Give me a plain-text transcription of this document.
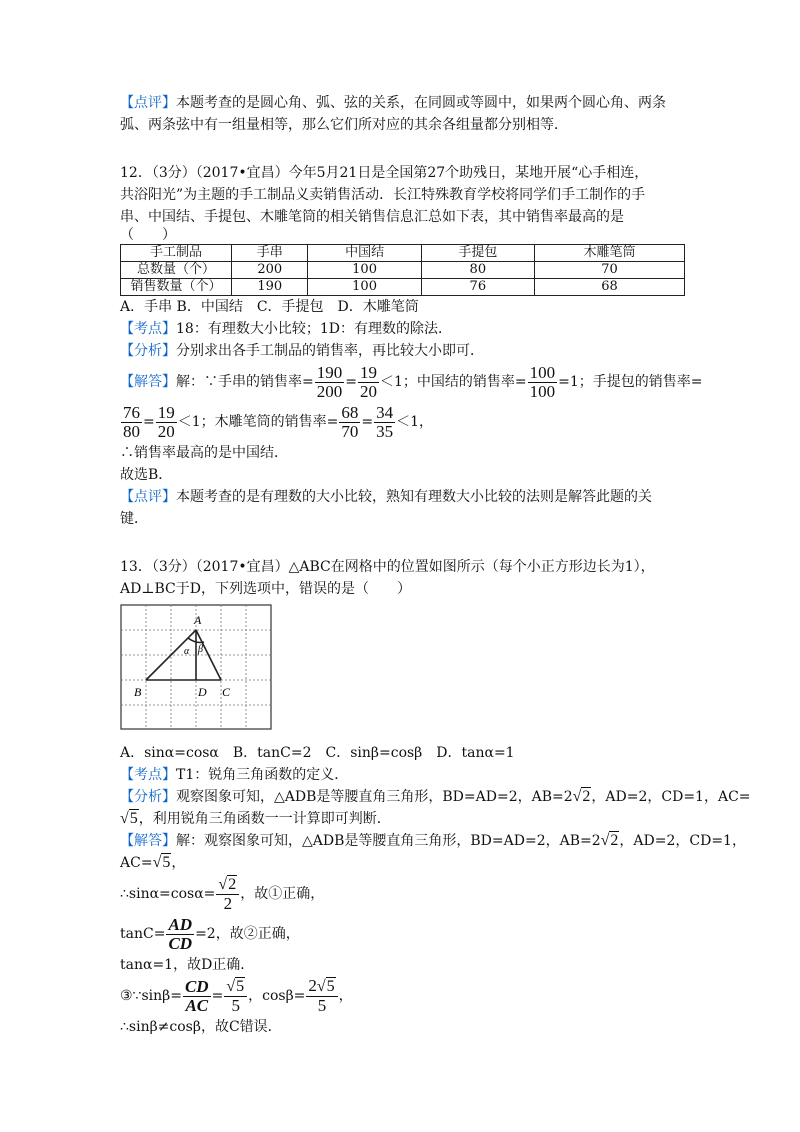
【点评】本题考查的是圆心角、弧、弦的关系，在同圆或等圆中，如果两个圆心角、两条
弧、两条弦中有一组量相等，那么它们所对应的其余各组量都分别相等．
12．（3分）（2017•宜昌）今年5月21日是全国第27个助残日，某地开展“心手相连，
共浴阳光”为主题的手工制品义卖销售活动．长江特殊教育学校将同学们手工制作的手
串、中国结、手提包、木雕笔筒的相关销售信息汇总如下表，其中销售率最高的是
（　　）
手工制品	手串	中国结	手提包	木雕笔筒
总数量（个）	200	100	80	70
销售数量（个）	190	100	76	68
A．手串 B．中国结　C．手提包　D．木雕笔筒
【考点】18：有理数大小比较；1D：有理数的除法．
【分析】分别求出各手工制品的销售率，再比较大小即可．
【解答】解：∵手串的销售率= $\frac{190}{200} = \frac{19}{20} <1$；中国结的销售率= $\frac{100}{100} =1$；手提包的销售率=
$\frac{76}{80} = \frac{19}{20} <1$；木雕笔筒的销售率= $\frac{68}{70} = \frac{34}{35} <1$，
∴销售率最高的是中国结．
故选B．
【点评】本题考查的是有理数的大小比较，熟知有理数大小比较的法则是解答此题的关
键．
13．（3分）（2017•宜昌）△ABC在网格中的位置如图所示（每个小正方形边长为1），
AD⊥BC于D，下列选项中，错误的是（　　）
A
B	D C
α β
A．sinα=cosα　B．tanC=2　C．sinβ=cosβ　D．tanα=1
【考点】T1：锐角三角函数的定义．
【分析】观察图象可知，△ADB是等腰直角三角形，BD=AD=2，AB=2√2，AD=2，CD=1，AC=
√5，利用锐角三角函数一一计算即可判断．
【解答】解：观察图象可知，△ADB是等腰直角三角形，BD=AD=2，AB=2√2，AD=2，CD=1，
AC=√5，
∴sinα=cosα= $\frac{√2}{2}$ ，故①正确，
$\tan C= \frac{AD}{CD} =2$，故②正确，
tanα=1，故D正确．
③∵sinβ= $\frac{CD}{AC} = \frac{√5}{5}$ ，$\cos\beta= \frac{2√5}{5}$ ，
∴sinβ≠cosβ，故C错误．
